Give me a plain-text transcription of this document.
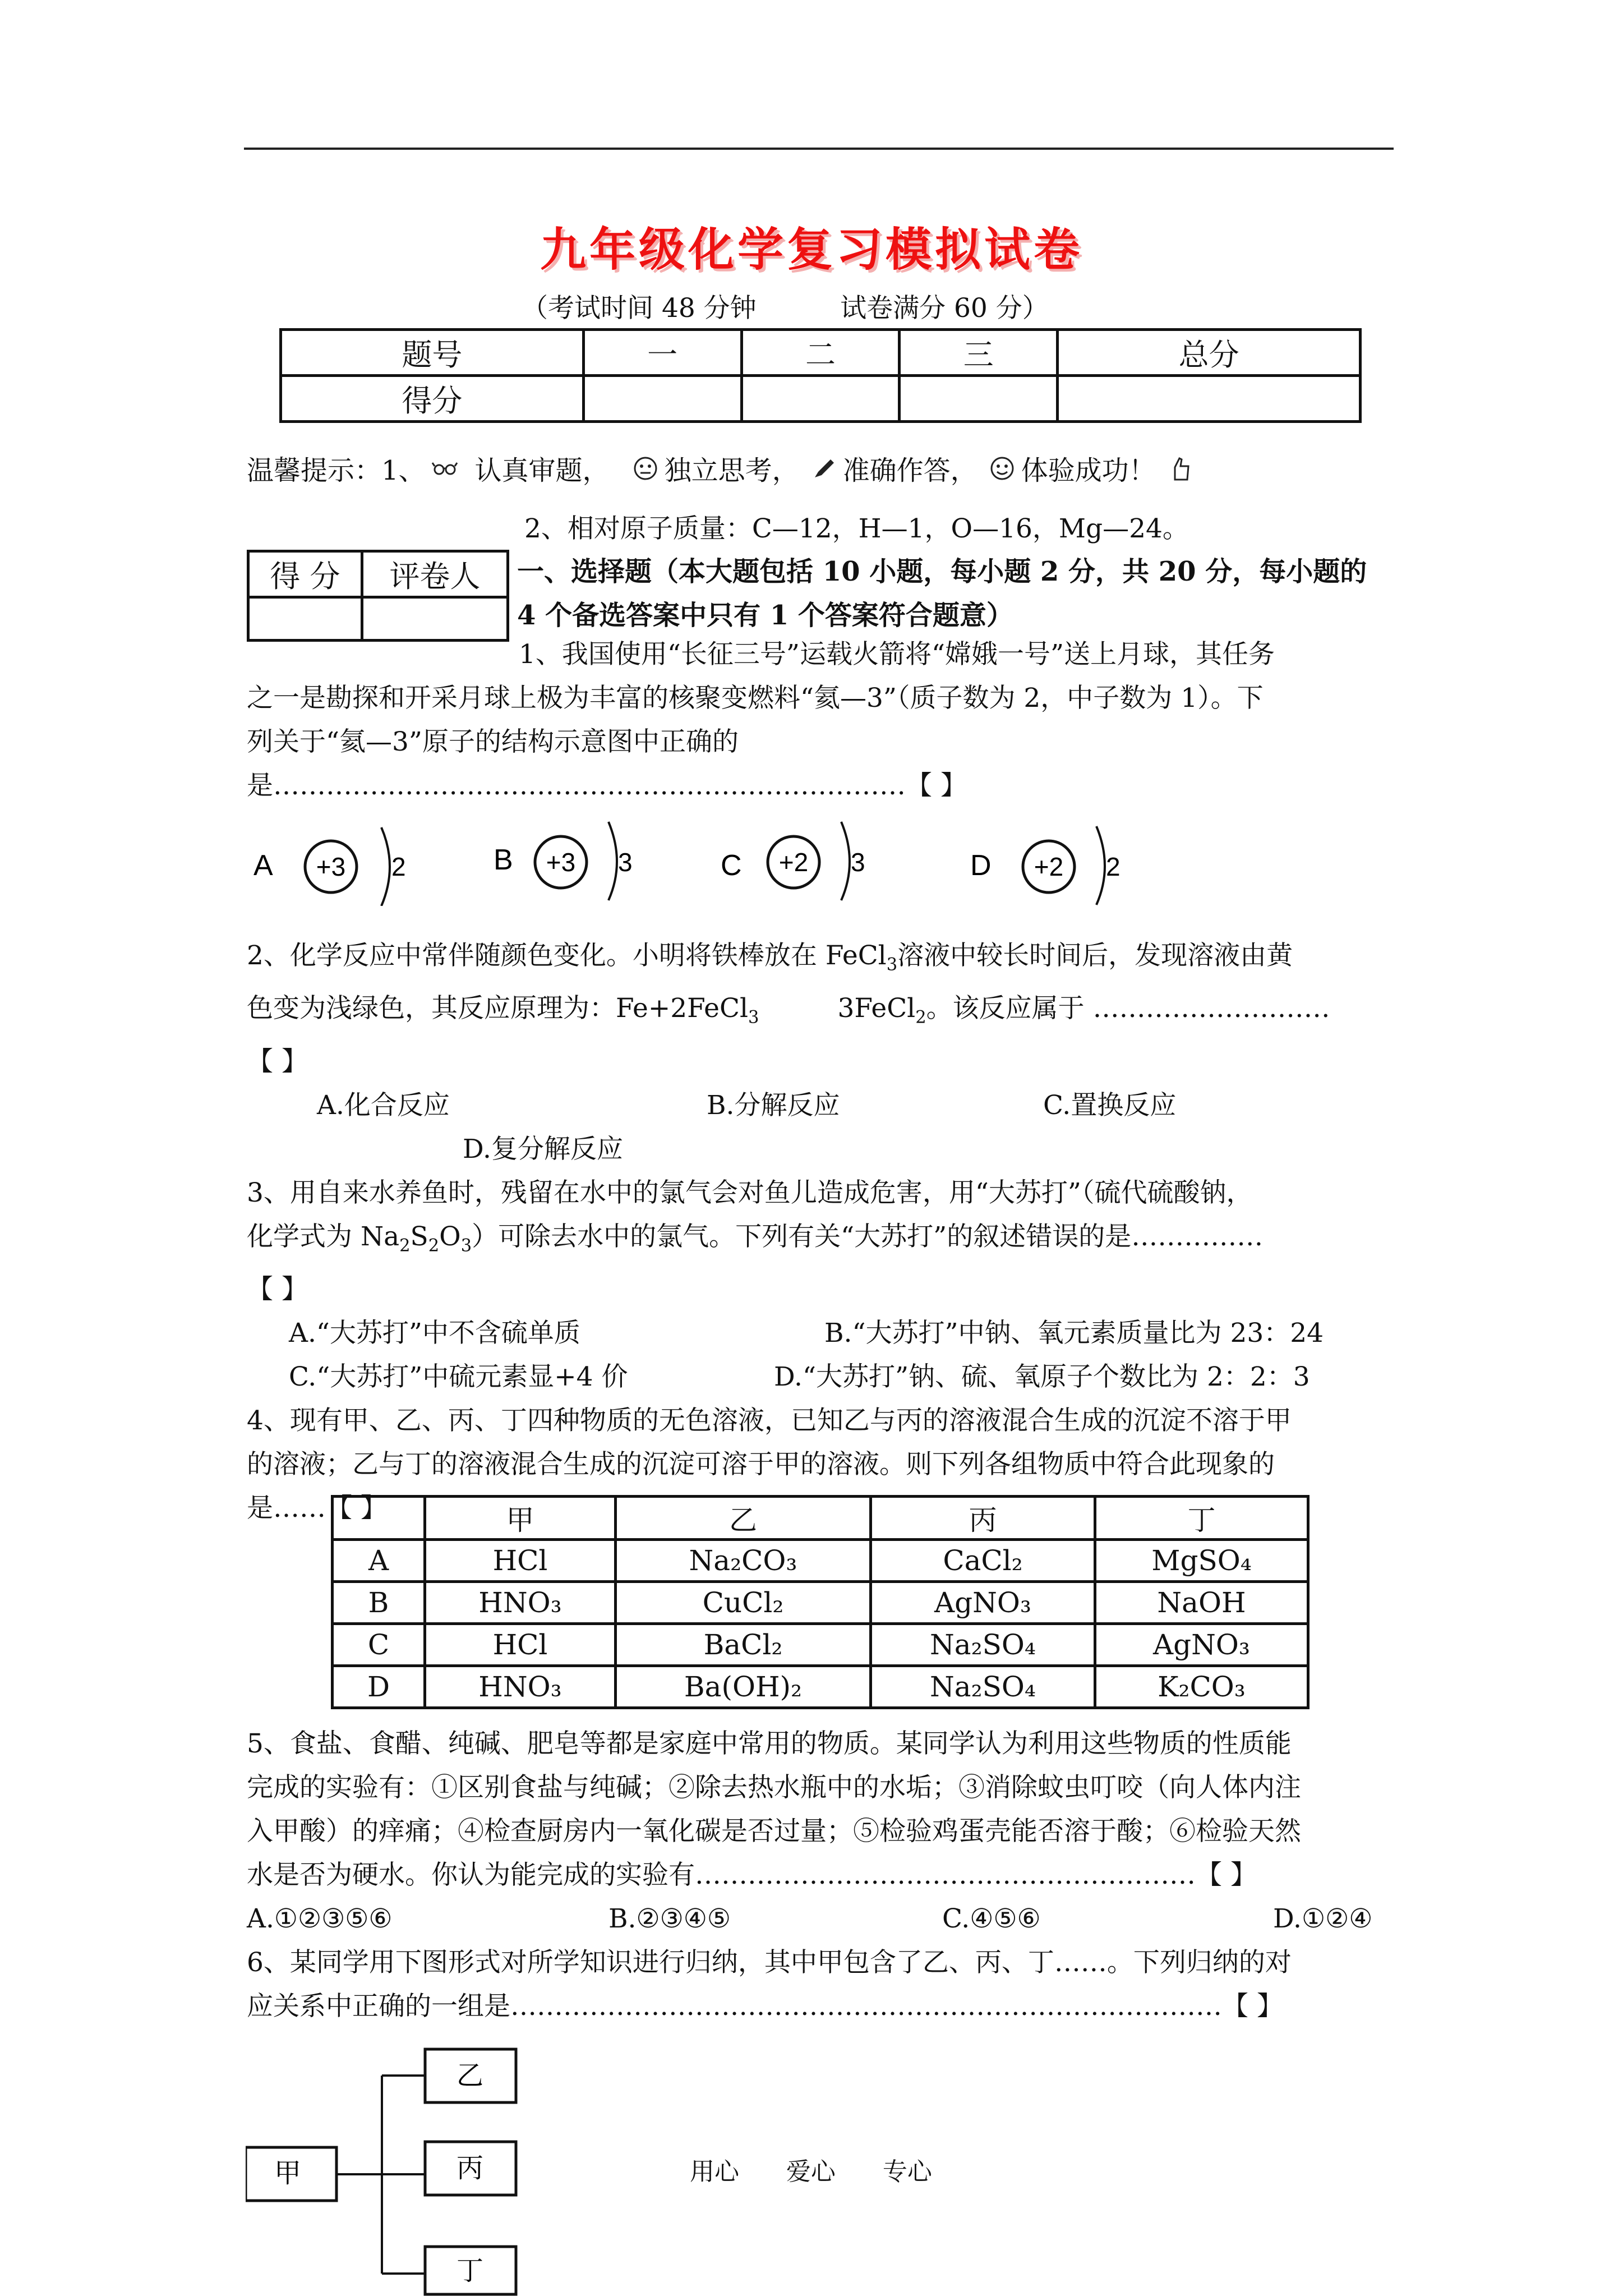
九年级化学复习模拟试卷
（考试时间 48 分钟          试卷满分 60 分）
题号	一	二	三	总分
得分				
温馨提示：1、 认真审题， 独立思考， 准确作答， 体验成功！
2、相对原子质量：C—12，H—1，O—16，Mg—24。
得 分	评卷人
	一、选择题（本大题包括 10 小题，每小题 2 分，共 20 分，每小题的 4 个备选答案中只有 1 个答案符合题意）
1、我国使用“长征三号”运载火箭将“嫦娥一号”送上月球，其任务
之一是勘探和开采月球上极为丰富的核聚变燃料“氦—3”（质子数为 2，中子数为 1）。下
列关于“氦—3”原子的结构示意图中正确的
是………………………………………………………………【 】
A +3 2	B +3 3	C +2 3	D +2 2
2、化学反应中常伴随颜色变化。小明将铁棒放在 FeCl$_3$溶液中较长时间后，发现溶液由黄
色变为浅绿色，其反应原理为：Fe+2FeCl$_3$	3FeCl$_2$。该反应属于 ………………………
【 】
A.化合反应	B.分解反应	C.置换反应
D.复分解反应
3、用自来水养鱼时，残留在水中的氯气会对鱼儿造成危害，用“大苏打”（硫代硫酸钠，
化学式为 $Na_2S_2O_3$）可除去水中的氯气。下列有关“大苏打”的叙述错误的是……………
【 】
A.“大苏打”中不含硫单质	B.“大苏打”中钠、氧元素质量比为 23：24
C.“大苏打”中硫元素显+4 价	D.“大苏打”钠、硫、氧原子个数比为 2：2：3
4、现有甲、乙、丙、丁四种物质的无色溶液，已知乙与丙的溶液混合生成的沉淀不溶于甲
的溶液；乙与丁的溶液混合生成的沉淀可溶于甲的溶液。则下列各组物质中符合此现象的
是……【 】
		甲	乙	丙	丁
A	HCl	Na₂CO₃	CaCl₂	MgSO₄
B	HNO₃	CuCl₂	AgNO₃	NaOH
C	HCl	BaCl₂	Na₂SO₄	AgNO₃
D	HNO₃	Ba(OH)₂	Na₂SO₄	K₂CO₃
5、食盐、食醋、纯碱、肥皂等都是家庭中常用的物质。某同学认为利用这些物质的性质能
完成的实验有：①区别食盐与纯碱；②除去热水瓶中的水垢；③消除蚊虫叮咬（向人体内注
入甲酸）的痒痛；④检查厨房内一氧化碳是否过量；⑤检验鸡蛋壳能否溶于酸；⑥检验天然
水是否为硬水。你认为能完成的实验有…………………………………………………【 】
A.①②③⑤⑥	B.②③④⑤	C.④⑤⑥	D.①②④
6、某同学用下图形式对所学知识进行归纳，其中甲包含了乙、丙、丁……。下列归纳的对
应关系中正确的一组是………………………………………………………………………【 】
甲
乙
丙
丁
用心      爱心      专心
